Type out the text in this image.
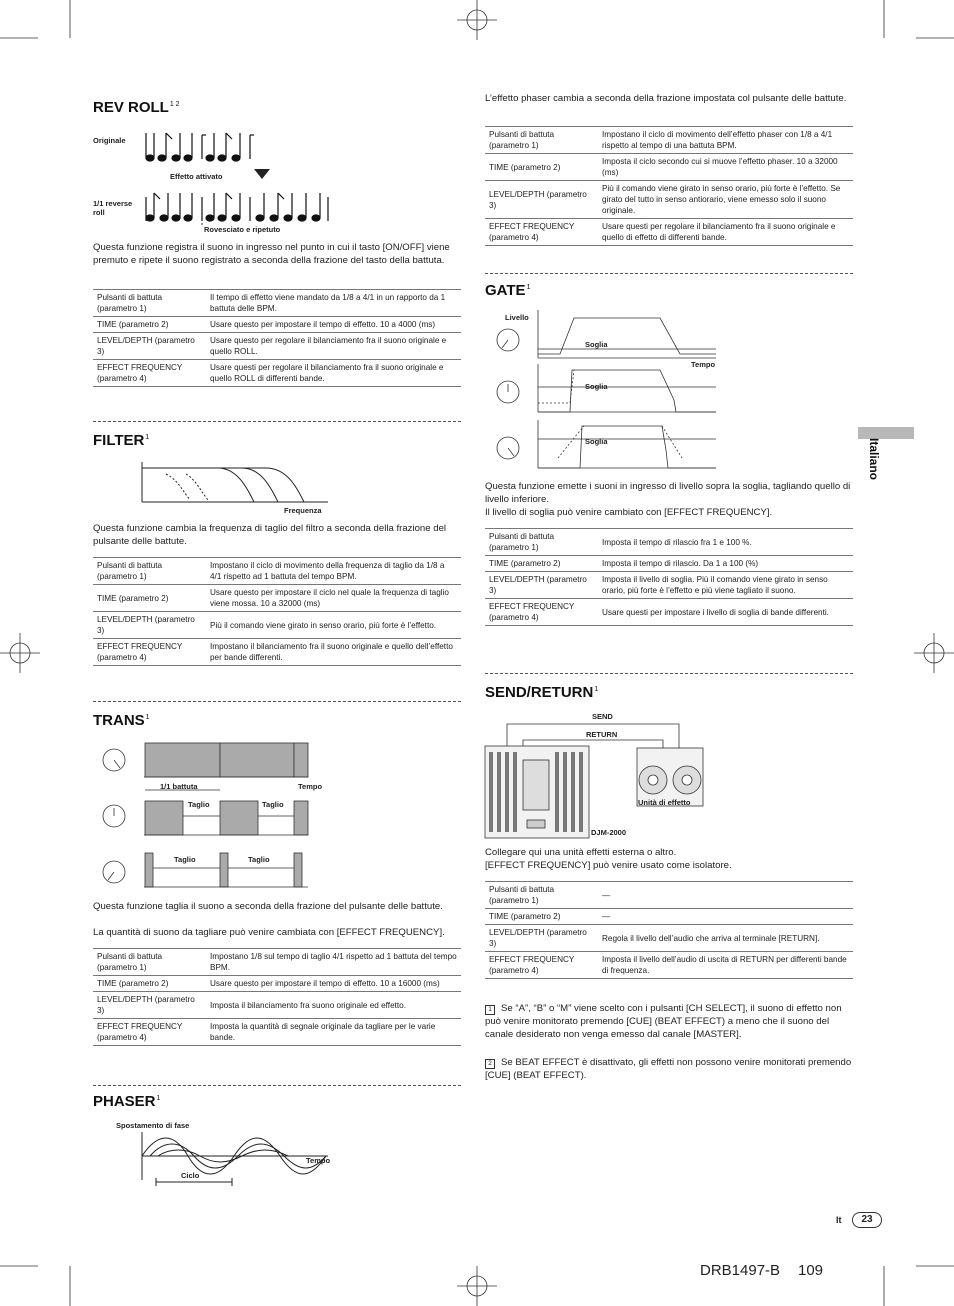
Italiano
REV $ROLL^{1 2}$
Originale
Effetto attivato
1/1 reverse roll
Rovesciato e ripetuto
Questa funzione registra il suono in ingresso nel punto in cui il tasto [ON/OFF] viene premuto e ripete il suono registrato a seconda della frazione del tasto della battuta.
Pulsanti di battuta (parametro 1)	Il tempo di effetto viene mandato da 1/8 a 4/1 in un rapporto da 1 battuta delle BPM.
TIME (parametro 2)	Usare questo per impostare il tempo di effetto. 10 a 4000 (ms)
LEVEL/DEPTH (parametro 3)	Usare questo per regolare il bilanciamento fra il suono originale e quello ROLL.
EFFECT FREQUENCY (parametro 4)	Usare questi per regolare il bilanciamento fra il suono originale e quello ROLL di differenti bande.
FILTER$^1$
Frequenza
Questa funzione cambia la frequenza di taglio del filtro a seconda della frazione del pulsante delle battute.
Pulsanti di battuta (parametro 1)	Impostano il ciclo di movimento della frequenza di taglio da 1/8 a 4/1 rispetto ad 1 battuta del tempo BPM.
TIME (parametro 2)	Usare questo per impostare il ciclo nel quale la frequenza di taglio viene mossa. 10 a 32000 (ms)
LEVEL/DEPTH (parametro 3)	Più il comando viene girato in senso orario, più forte è l’effetto.
EFFECT FREQUENCY (parametro 4)	Impostano il bilanciamento fra il suono originale e quello dell’effetto per bande differenti.
TRANS$^1$
1/1 battuta	Tempo
Taglio	Taglio
Taglio	Taglio
Questa funzione taglia il suono a seconda della frazione del pulsante delle battute.
La quantità di suono da tagliare può venire cambiata con [EFFECT FREQUENCY].
Pulsanti di battuta (parametro 1)	Impostano 1/8 sul tempo di taglio 4/1 rispetto ad 1 battuta del tempo BPM.
TIME (parametro 2)	Usare questo per impostare il tempo di effetto. 10 a 16000 (ms)
LEVEL/DEPTH (parametro 3)	Imposta il bilanciamento fra suono originale ed effetto.
EFFECT FREQUENCY (parametro 4)	Imposta la quantità di segnale originale da tagliare per le varie bande.
PHASER$^1$
Spostamento di fase
Tempo
Ciclo
L’effetto phaser cambia a seconda della frazione impostata col pulsante delle battute.
Pulsanti di battuta (parametro 1)	Impostano il ciclo di movimento dell’effetto phaser con 1/8 a 4/1 rispetto al tempo di una battuta BPM.
TIME (parametro 2)	Imposta il ciclo secondo cui si muove l’effetto phaser. 10 a 32000 (ms)
LEVEL/DEPTH (parametro 3)	Più il comando viene girato in senso orario, più forte è l’effetto. Se girato del tutto in senso antiorario, viene emesso solo il suono originale.
EFFECT FREQUENCY (parametro 4)	Usare questi per regolare il bilanciamento fra il suono originale e quello di effetto di differenti bande.
GATE$^1$
Livello
Soglia
Tempo
Soglia
Soglia
Questa funzione emette i suoni in ingresso di livello sopra la soglia, tagliando quello di livello inferiore.
Il livello di soglia può venire cambiato con [EFFECT FREQUENCY].
Pulsanti di battuta (parametro 1)	Imposta il tempo di rilascio fra 1 e 100 %.
TIME (parametro 2)	Imposta il tempo di rilascio. Da 1 a 100 (%)
LEVEL/DEPTH (parametro 3)	Imposta il livello di soglia. Più il comando viene girato in senso orario, più forte è l’effetto e più viene tagliato il suono.
EFFECT FREQUENCY (parametro 4)	Usare questi per impostare i livello di soglia di bande differenti.
SEND/RETURN$^1$
SEND
RETURN
Unità di effetto
DJM-2000
Collegare qui una unità effetti esterna o altro.
[EFFECT FREQUENCY] può venire usato come isolatore.
Pulsanti di battuta (parametro 1)	—
TIME (parametro 2)	—
LEVEL/DEPTH (parametro 3)	Regola il livello dell’audio che arriva al terminale [RETURN].
EFFECT FREQUENCY (parametro 4)	Imposta il livello dell’audio di uscita di RETURN per differenti bande di frequenza.
1 Se “A”, “B” o “M” viene scelto con i pulsanti [CH SELECT], il suono di effetto non può venire monitorato premendo [CUE] (BEAT EFFECT) a meno che il suono del canale desiderato non venga emesso dal canale [MASTER].
2 Se BEAT EFFECT è disattivato, gli effetti non possono venire monitorati premendo [CUE] (BEAT EFFECT).
It	23
DRB1497-B 109
